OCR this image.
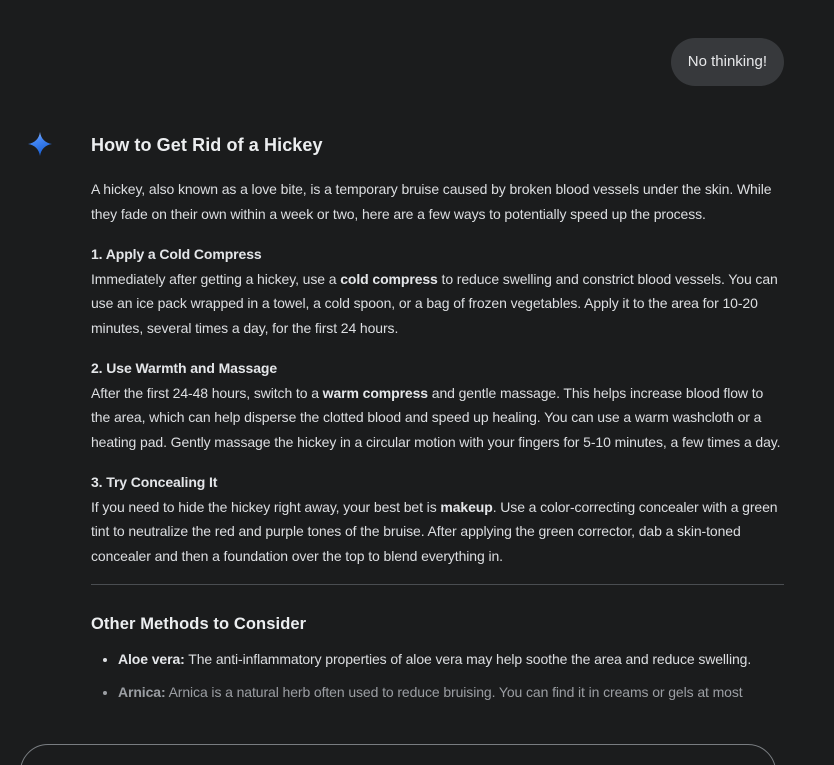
No thinking!
How to Get Rid of a Hickey

A hickey, also known as a love bite, is a temporary bruise caused by broken blood vessels under the skin. While they fade on their own within a week or two, here are a few ways to potentially speed up the process.

1. Apply a Cold Compress
Immediately after getting a hickey, use a cold compress to reduce swelling and constrict blood vessels. You can use an ice pack wrapped in a towel, a cold spoon, or a bag of frozen vegetables. Apply it to the area for 10-20 minutes, several times a day, for the first 24 hours.

2. Use Warmth and Massage
After the first 24-48 hours, switch to a warm compress and gentle massage. This helps increase blood flow to the area, which can help disperse the clotted blood and speed up healing. You can use a warm washcloth or a heating pad. Gently massage the hickey in a circular motion with your fingers for 5-10 minutes, a few times a day.

3. Try Concealing It
If you need to hide the hickey right away, your best bet is makeup. Use a color-correcting concealer with a green tint to neutralize the red and purple tones of the bruise. After applying the green corrector, dab a skin-toned concealer and then a foundation over the top to blend everything in.

Other Methods to Consider
• Aloe vera: The anti-inflammatory properties of aloe vera may help soothe the area and reduce swelling.
• Arnica: Arnica is a natural herb often used to reduce bruising. You can find it in creams or gels at most
